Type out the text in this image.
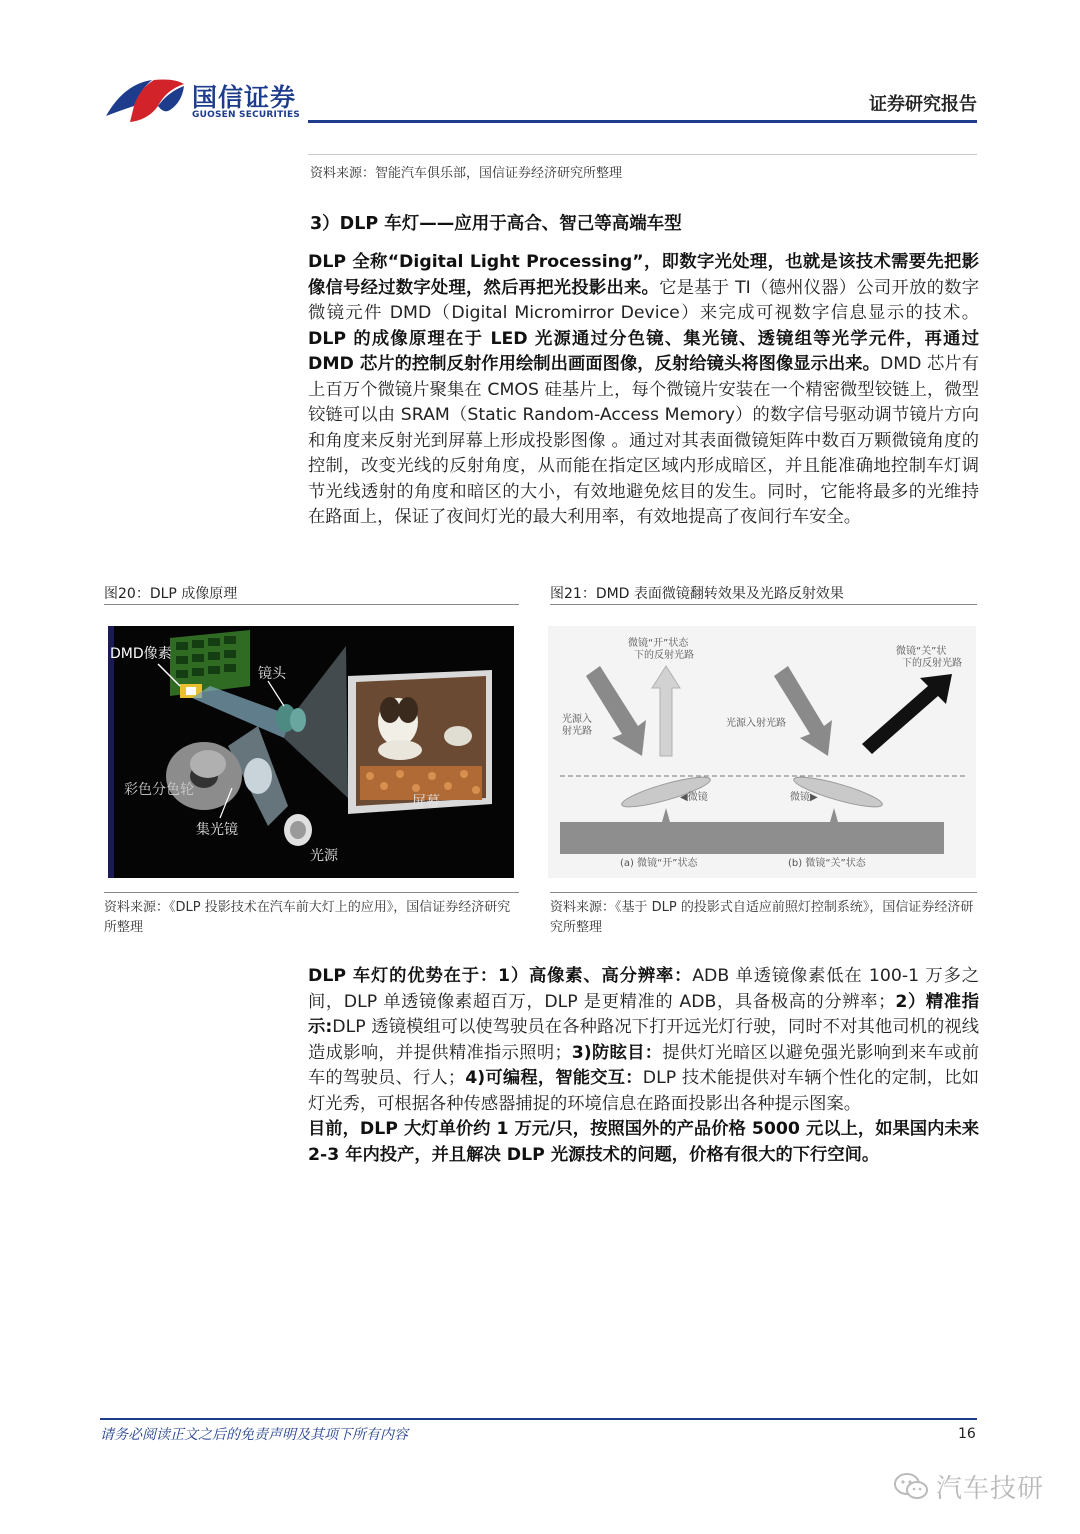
国信证券
GUOSEN SECURITIES	证券研究报告
资料来源：智能汽车俱乐部，国信证券经济研究所整理
3）DLP 车灯——应用于高合、智己等高端车型
DLP 全称“Digital Light Processing”，即数字光处理，也就是该技术需要先把影像信号经过数字处理，然后再把光投影出来。它是基于 TI（德州仪器）公司开放的数字微镜元件 DMD（Digital Micromirror Device）来完成可视数字信息显示的技术。DLP 的成像原理在于 LED 光源通过分色镜、集光镜、透镜组等光学元件，再通过 DMD 芯片的控制反射作用绘制出画面图像，反射给镜头将图像显示出来。DMD 芯片有上百万个微镜片聚集在 CMOS 硅基片上，每个微镜片安装在一个精密微型铰链上，微型铰链可以由 SRAM（Static Random-Access Memory）的数字信号驱动调节镜片方向和角度来反射光到屏幕上形成投影图像 。通过对其表面微镜矩阵中数百万颗微镜角度的控制，改变光线的反射角度，从而能在指定区域内形成暗区，并且能准确地控制车灯调节光线透射的角度和暗区的大小，有效地避免炫目的发生。同时，它能将最多的光维持在路面上，保证了夜间灯光的最大利用率，有效地提高了夜间行车安全。
图20：DLP 成像原理
DMD像素
镜头
彩色分色轮
集光镜
光源
屏幕
图21：DMD 表面微镜翻转效果及光路反射效果
微镜“开”状态
下的反射光路	微镜“关”状
下的反射光路
光源入
射光路
光源入射光路
◀微镜	微镜▶
(a) 微镜“开”状态	(b) 微镜“关”状态
资料来源：《DLP 投影技术在汽车前大灯上的应用》，国信证券经济研究所整理
资料来源：《基于 DLP 的投影式自适应前照灯控制系统》，国信证券经济研究所整理
DLP 车灯的优势在于：1）高像素、高分辨率：ADB 单透镜像素低在 100-1 万多之间，DLP 单透镜像素超百万，DLP 是更精准的 ADB，具备极高的分辨率；2）精准指示:DLP 透镜模组可以使驾驶员在各种路况下打开远光灯行驶，同时不对其他司机的视线造成影响，并提供精准指示照明；3)防眩目：提供灯光暗区以避免强光影响到来车或前车的驾驶员、行人；4)可编程，智能交互：DLP 技术能提供对车辆个性化的定制，比如灯光秀，可根据各种传感器捕捉的环境信息在路面投影出各种提示图案。
目前，DLP 大灯单价约 1 万元/只，按照国外的产品价格 5000 元以上，如果国内未来 2-3 年内投产，并且解决 DLP 光源技术的问题，价格有很大的下行空间。
请务必阅读正文之后的免责声明及其项下所有内容	16
汽车技研
